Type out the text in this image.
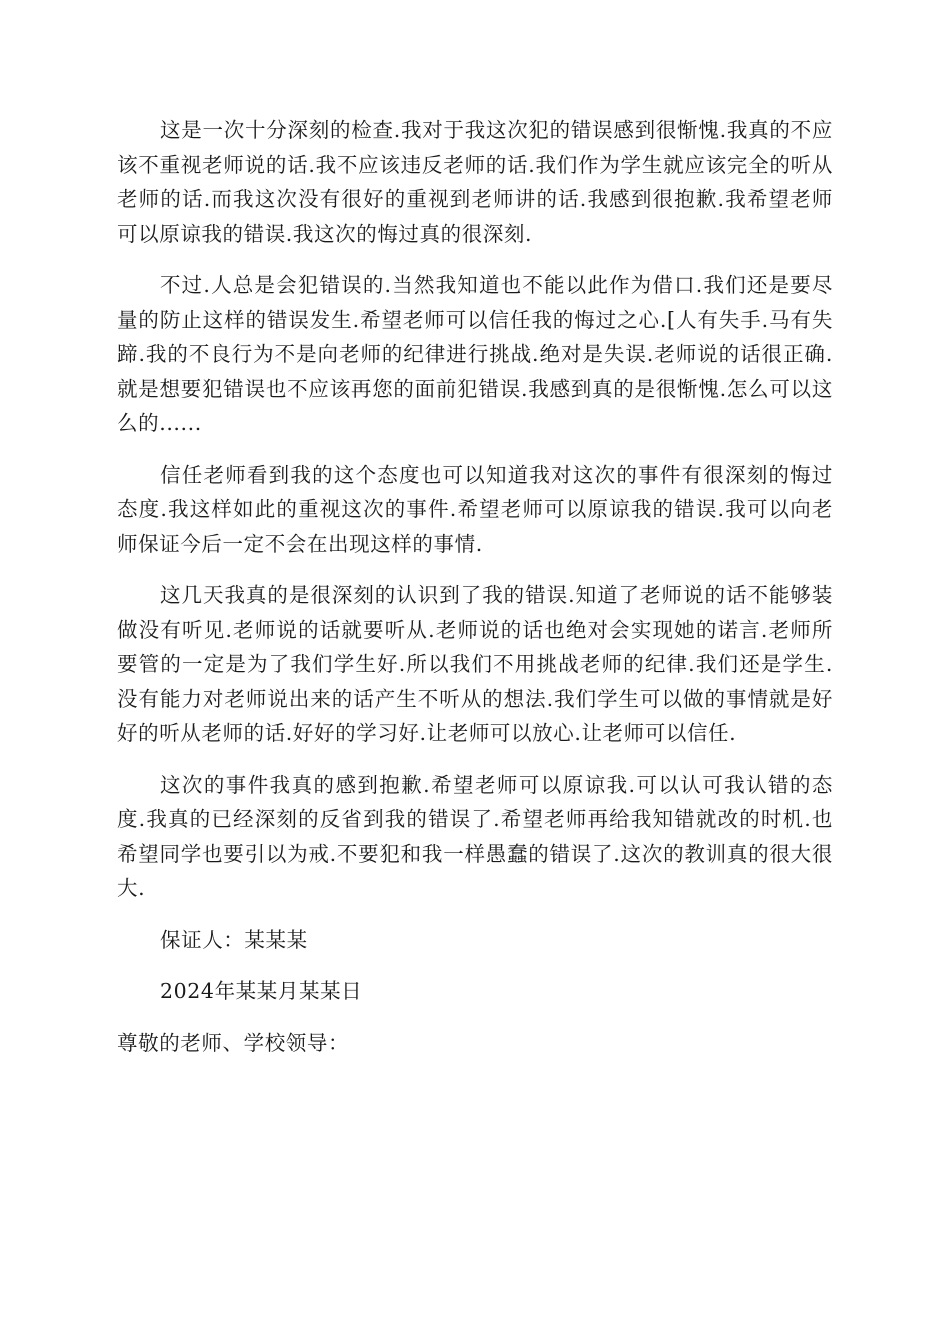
这是一次十分深刻的检查.我对于我这次犯的错误感到很惭愧.我真的不应该不重视老师说的话.我不应该违反老师的话.我们作为学生就应该完全的听从老师的话.而我这次没有很好的重视到老师讲的话.我感到很抱歉.我希望老师可以原谅我的错误.我这次的悔过真的很深刻.

不过.人总是会犯错误的.当然我知道也不能以此作为借口.我们还是要尽量的防止这样的错误发生.希望老师可以信任我的悔过之心.[人有失手.马有失蹄.我的不良行为不是向老师的纪律进行挑战.绝对是失误.老师说的话很正确.就是想要犯错误也不应该再您的面前犯错误.我感到真的是很惭愧.怎么可以这么的......

信任老师看到我的这个态度也可以知道我对这次的事件有很深刻的悔过态度.我这样如此的重视这次的事件.希望老师可以原谅我的错误.我可以向老师保证今后一定不会在出现这样的事情.

这几天我真的是很深刻的认识到了我的错误.知道了老师说的话不能够装做没有听见.老师说的话就要听从.老师说的话也绝对会实现她的诺言.老师所要管的一定是为了我们学生好.所以我们不用挑战老师的纪律.我们还是学生.没有能力对老师说出来的话产生不听从的想法.我们学生可以做的事情就是好好的听从老师的话.好好的学习好.让老师可以放心.让老师可以信任.

这次的事件我真的感到抱歉.希望老师可以原谅我.可以认可我认错的态度.我真的已经深刻的反省到我的错误了.希望老师再给我知错就改的时机.也希望同学也要引以为戒.不要犯和我一样愚蠢的错误了.这次的教训真的很大很大.

保证人：某某某

2024年某某月某某日

尊敬的老师、学校领导：
